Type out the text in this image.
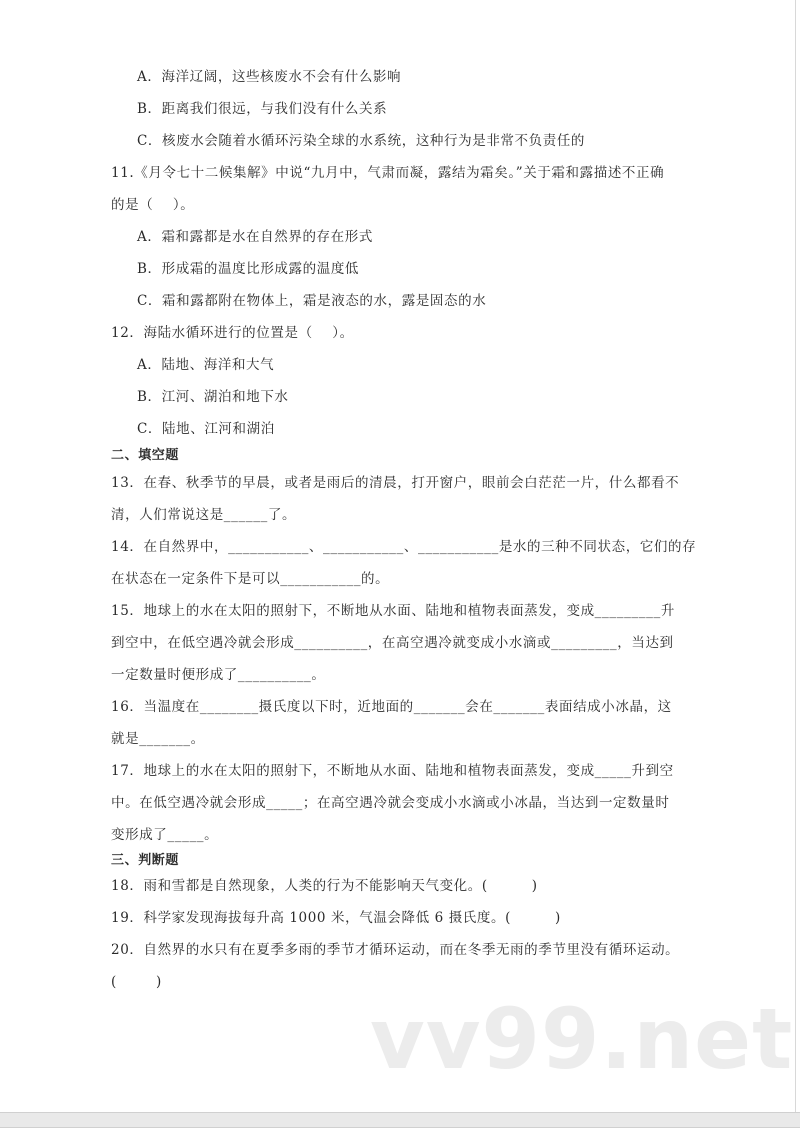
A．海洋辽阔，这些核废水不会有什么影响
B．距离我们很远，与我们没有什么关系
C．核废水会随着水循环污染全球的水系统，这种行为是非常不负责任的
11.《月令七十二候集解》中说“九月中，气肃而凝，露结为霜矣。”关于霜和露描述不正确
的是（    ）。
A．霜和露都是水在自然界的存在形式
B．形成霜的温度比形成露的温度低
C．霜和露都附在物体上，霜是液态的水，露是固态的水
12．海陆水循环进行的位置是（    ）。
A．陆地、海洋和大气
B．江河、湖泊和地下水
C．陆地、江河和湖泊
二、填空题
13．在春、秋季节的早晨，或者是雨后的清晨，打开窗户，眼前会白茫茫一片，什么都看不
清，人们常说这是______了。
14．在自然界中，___________、___________、___________是水的三种不同状态，它们的存
在状态在一定条件下是可以___________的。
15．地球上的水在太阳的照射下，不断地从水面、陆地和植物表面蒸发，变成_________升
到空中，在低空遇冷就会形成__________，在高空遇冷就变成小水滴或_________，当达到
一定数量时便形成了__________。
16．当温度在________摄氏度以下时，近地面的_______会在_______表面结成小冰晶，这
就是_______。
17．地球上的水在太阳的照射下，不断地从水面、陆地和植物表面蒸发，变成_____升到空
中。在低空遇冷就会形成_____；在高空遇冷就会变成小水滴或小冰晶，当达到一定数量时
变形成了_____。
三、判断题
18．雨和雪都是自然现象，人类的行为不能影响天气变化。(         )
19．科学家发现海拔每升高 1000 米，气温会降低 6 摄氏度。(         )
20．自然界的水只有在夏季多雨的季节才循环运动，而在冬季无雨的季节里没有循环运动。
(        )
vv99.net
